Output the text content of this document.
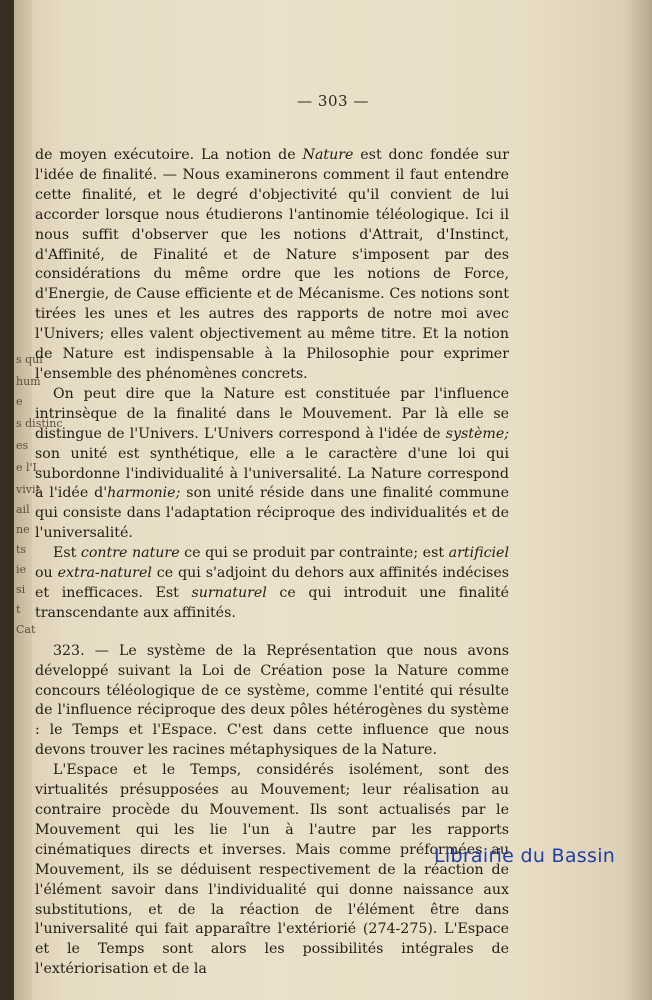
s qui
hum
e
s distinc
es
e l'I
vivit
ail
ne
ts
ie
si
t
Cat
— 303 —

de moyen exécutoire. La notion de Nature est donc fondée sur l'idée de finalité. — Nous examinerons comment il faut entendre cette finalité, et le degré d'objectivité qu'il convient de lui accorder lorsque nous étudierons l'antinomie téléologique. Ici il nous suffit d'observer que les notions d'Attrait, d'Instinct, d'Affinité, de Finalité et de Nature s'imposent par des considérations du même ordre que les notions de Force, d'Energie, de Cause efficiente et de Mécanisme. Ces notions sont tirées les unes et les autres des rapports de notre moi avec l'Univers; elles valent objectivement au même titre. Et la notion de Nature est indispensable à la Philosophie pour exprimer l'ensemble des phénomènes concrets.

On peut dire que la Nature est constituée par l'influence intrinsèque de la finalité dans le Mouvement. Par là elle se distingue de l'Univers. L'Univers correspond à l'idée de système; son unité est synthétique, elle a le caractère d'une loi qui subordonne l'individualité à l'universalité. La Nature correspond à l'idée d'harmonie; son unité réside dans une finalité commune qui consiste dans l'adaptation réciproque des individualités et de l'universalité.

Est contre nature ce qui se produit par contrainte; est artificiel ou extra-naturel ce qui s'adjoint du dehors aux affinités indécises et inefficaces. Est surnaturel ce qui introduit une finalité transcendante aux affinités.

323. — Le système de la Représentation que nous avons développé suivant la Loi de Création pose la Nature comme concours téléologique de ce système, comme l'entité qui résulte de l'influence réciproque des deux pôles hétérogènes du système : le Temps et l'Espace. C'est dans cette influence que nous devons trouver les racines métaphysiques de la Nature.

L'Espace et le Temps, considérés isolément, sont des virtualités présupposées au Mouvement; leur réalisation au contraire procède du Mouvement. Ils sont actualisés par le Mouvement qui les lie l'un à l'autre par les rapports cinématiques directs et inverses. Mais comme préformées au Mouvement, ils se déduisent respectivement de la réaction de l'élément savoir dans l'individualité qui donne naissance aux substitutions, et de la réaction de l'élément être dans l'universalité qui fait apparaître l'extériorié (274-275). L'Espace et le Temps sont alors les possibilités intégrales de l'extériorisation et de la

Librairie du Bassin
